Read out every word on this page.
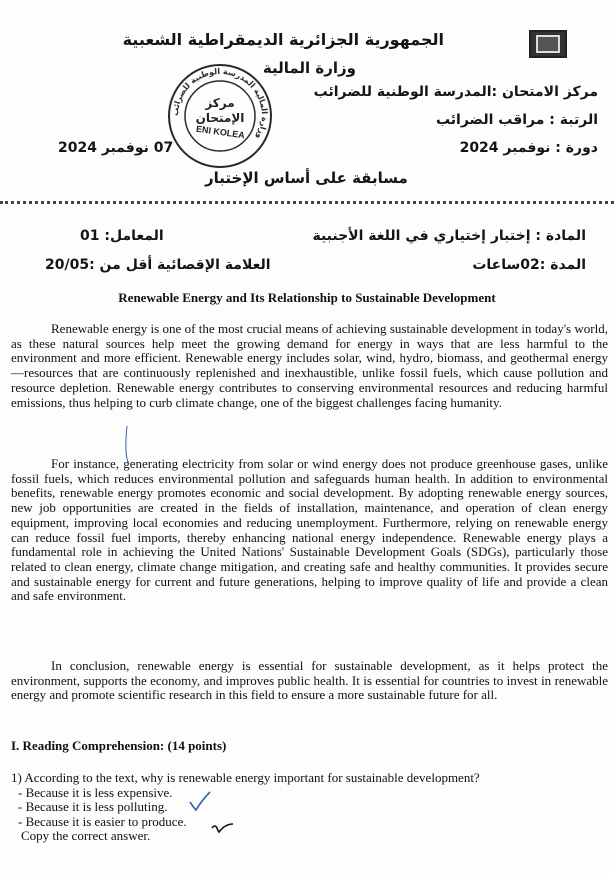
الجمهورية الجزائرية الديمقراطية الشعبية
وزارة المالية
مركز الامتحان :المدرسة الوطنية للضرائب
الرتبة : مراقب الضرائب
دورة : نوفمبر 2024
07 نوفمبر 2024
مسابقة على أساس الإختبار
وزارة المالية المدرسة الوطنية للضرائب
مركز
الإمتحان
ENI KOLEA
المادة : إختبار إختياري في اللغة الأجنبية
المعامل: 01
المدة :02ساعات
العلامة الإقصائية أقل من :20/05
Renewable Energy and Its Relationship to Sustainable Development

Renewable energy is one of the most crucial means of achieving sustainable development in today's world, as these natural sources help meet the growing demand for energy in ways that are less harmful to the environment and more efficient. Renewable energy includes solar, wind, hydro, biomass, and geothermal energy—resources that are continuously replenished and inexhaustible, unlike fossil fuels, which cause pollution and resource depletion. Renewable energy contributes to conserving environmental resources and reducing harmful emissions, thus helping to curb climate change, one of the biggest challenges facing humanity.

For instance, generating electricity from solar or wind energy does not produce greenhouse gases, unlike fossil fuels, which reduces environmental pollution and safeguards human health. In addition to environmental benefits, renewable energy promotes economic and social development. By adopting renewable energy sources, new job opportunities are created in the fields of installation, maintenance, and operation of clean energy equipment, improving local economies and reducing unemployment. Furthermore, relying on renewable energy can reduce fossil fuel imports, thereby enhancing national energy independence. Renewable energy plays a fundamental role in achieving the United Nations' Sustainable Development Goals (SDGs), particularly those related to clean energy, climate change mitigation, and creating safe and healthy communities. It provides secure and sustainable energy for current and future generations, helping to improve quality of life and provide a clean and safe environment.

In conclusion, renewable energy is essential for sustainable development, as it helps protect the environment, supports the economy, and improves public health. It is essential for countries to invest in renewable energy and promote scientific research in this field to ensure a more sustainable future for all.

I. Reading Comprehension: (14 points)
1) According to the text, why is renewable energy important for sustainable development?
- Because it is less expensive.
- Because it is less polluting.
- Because it is easier to produce.
Copy the correct answer.
